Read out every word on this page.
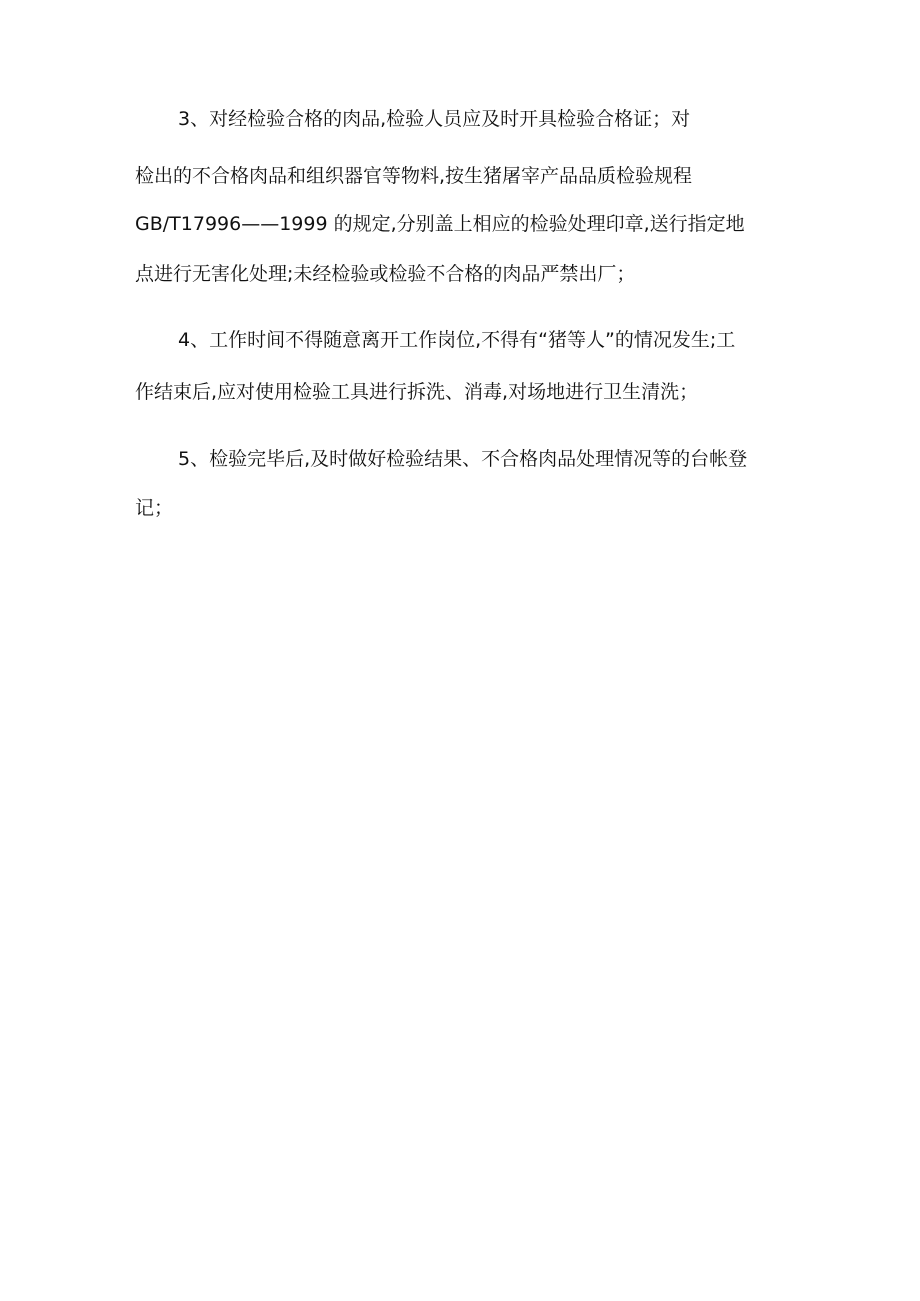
3、对经检验合格的肉品,检验人员应及时开具检验合格证；对
检出的不合格肉品和组织器官等物料,按生猪屠宰产品品质检验规程
GB/T17996——1999 的规定,分别盖上相应的检验处理印章,送行指定地
点进行无害化处理;未经检验或检验不合格的肉品严禁出厂；
4、工作时间不得随意离开工作岗位,不得有“猪等人”的情况发生;工
作结束后,应对使用检验工具进行拆洗、消毒,对场地进行卫生清洗；
5、检验完毕后,及时做好检验结果、不合格肉品处理情况等的台帐登
记；
